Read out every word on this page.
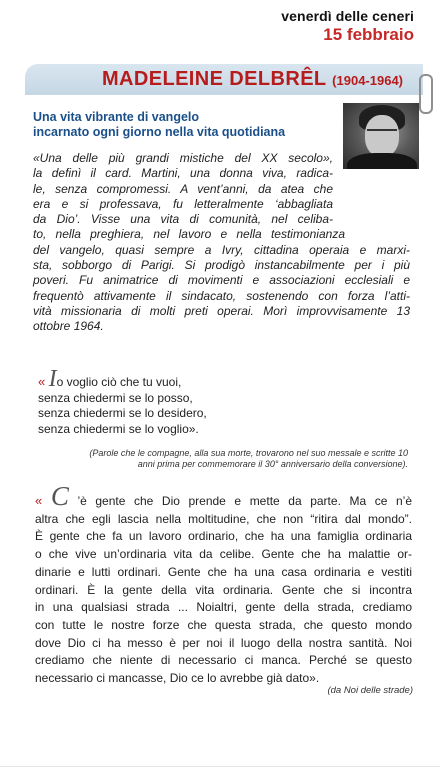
venerdì delle ceneri
15 febbraio
MADELEINE DELBRÊL (1904-1964)
Una vita vibrante di vangelo
incarnato ogni giorno nella vita quotidiana
«Una delle più grandi mistiche del XX secolo»,
la definì il card. Martini, una donna viva, radica-
le, senza compromessi. A vent’anni, da atea che
era e si professava, fu letteralmente ‘abbagliata
da Dio’. Visse una vita di comunità, nel celiba-
to, nella preghiera, nel lavoro e nella testimonianza
del vangelo, quasi sempre a Ivry, cittadina operaia e marxi-
sta, sobborgo di Parigi. Si prodigò instancabilmente per i più
poveri. Fu animatrice di movimenti e associazioni ecclesiali e
frequentò attivamente il sindacato, sostenendo con forza l’atti-
vità missionaria di molti preti operai. Morì improvvisamente 13
ottobre 1964.
« Io voglio ciò che tu vuoi,
senza chiedermi se lo posso,
senza chiedermi se lo desidero,
senza chiedermi se lo voglio».
(Parole che le compagne, alla sua morte, trovarono nel suo messale e scritte 10
anni prima per commemorare il 30° anniversario della conversione).
« C ’è gente che Dio prende e mette da parte. Ma ce n’è
altra che egli lascia nella moltitudine, che non “ritira dal mondo”.
È gente che fa un lavoro ordinario, che ha una famiglia ordinaria
o che vive un’ordinaria vita da celibe. Gente che ha malattie or-
dinarie e lutti ordinari. Gente che ha una casa ordinaria e vestiti
ordinari. È la gente della vita ordinaria. Gente che si incontra
in una qualsiasi strada ... Noialtri, gente della strada, crediamo
con tutte le nostre forze che questa strada, che questo mondo
dove Dio ci ha messo è per noi il luogo della nostra santità. Noi
crediamo che niente di necessario ci manca. Perché se questo
necessario ci mancasse, Dio ce lo avrebbe già dato».
(da Noi delle strade)
